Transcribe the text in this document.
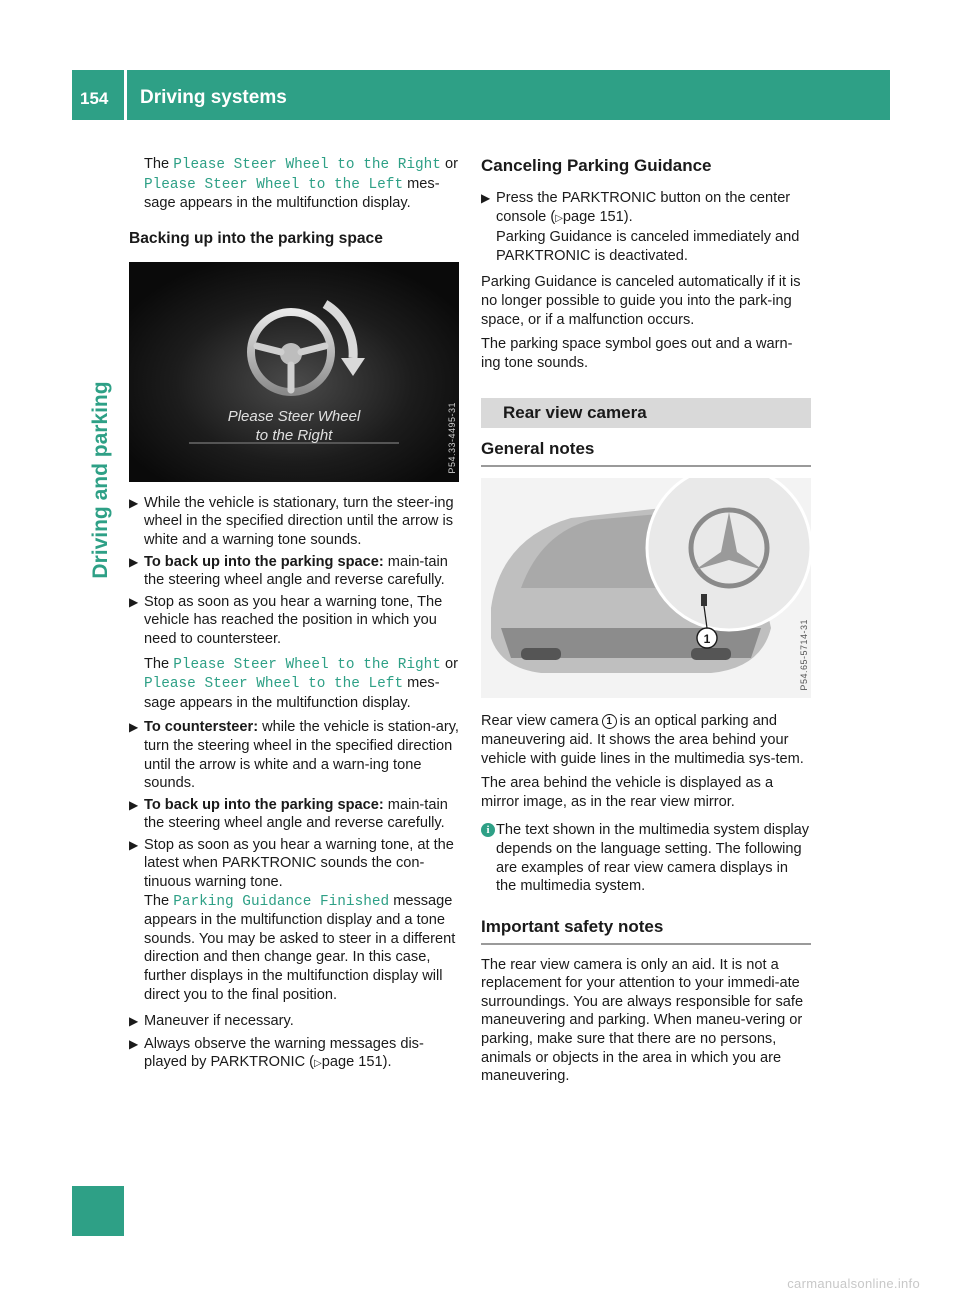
154	Driving systems
Driving and parking

The Please Steer Wheel to the Right or
Please Steer Wheel to the Left mes-
sage appears in the multifunction display.

Backing up into the parking space
Please Steer Wheel
to the Right	P54.33-4495-31
▶ While the vehicle is stationary, turn the steer-ing wheel in the specified direction until the arrow is white and a warning tone sounds.
▶ To back up into the parking space: main-tain the steering wheel angle and reverse carefully.
▶ Stop as soon as you hear a warning tone, The vehicle has reached the position in which you need to countersteer.
The Please Steer Wheel to the Right or
Please Steer Wheel to the Left mes-
sage appears in the multifunction display.
▶ To countersteer: while the vehicle is station-ary, turn the steering wheel in the specified direction until the arrow is white and a warn-ing tone sounds.
▶ To back up into the parking space: main-tain the steering wheel angle and reverse carefully.
▶ Stop as soon as you hear a warning tone, at the latest when PARKTRONIC sounds the con-tinuous warning tone.
The Parking Guidance Finished message appears in the multifunction display and a tone sounds. You may be asked to steer in a different direction and then change gear. In this case, further displays in the multifunction display will direct you to the final position.
▶ Maneuver if necessary.
▶ Always observe the warning messages dis-played by PARKTRONIC (▷page 151).
Canceling Parking Guidance
▶ Press the PARKTRONIC button on the center console (▷page 151).
Parking Guidance is canceled immediately and PARKTRONIC is deactivated.

Parking Guidance is canceled automatically if it is no longer possible to guide you into the park-ing space, or if a malfunction occurs.

The parking space symbol goes out and a warn-ing tone sounds.

Rear view camera
General notes
1	P54.65-5714-31

Rear view camera 1 is an optical parking and maneuvering aid. It shows the area behind your vehicle with guide lines in the multimedia sys-tem.

The area behind the vehicle is displayed as a mirror image, as in the rear view mirror.

i The text shown in the multimedia system display depends on the language setting. The following are examples of rear view camera displays in the multimedia system.
Important safety notes

The rear view camera is only an aid. It is not a replacement for your attention to your immedi-ate surroundings. You are always responsible for safe maneuvering and parking. When maneu-vering or parking, make sure that there are no persons, animals or objects in the area in which you are maneuvering.

carmanualsonline.info
